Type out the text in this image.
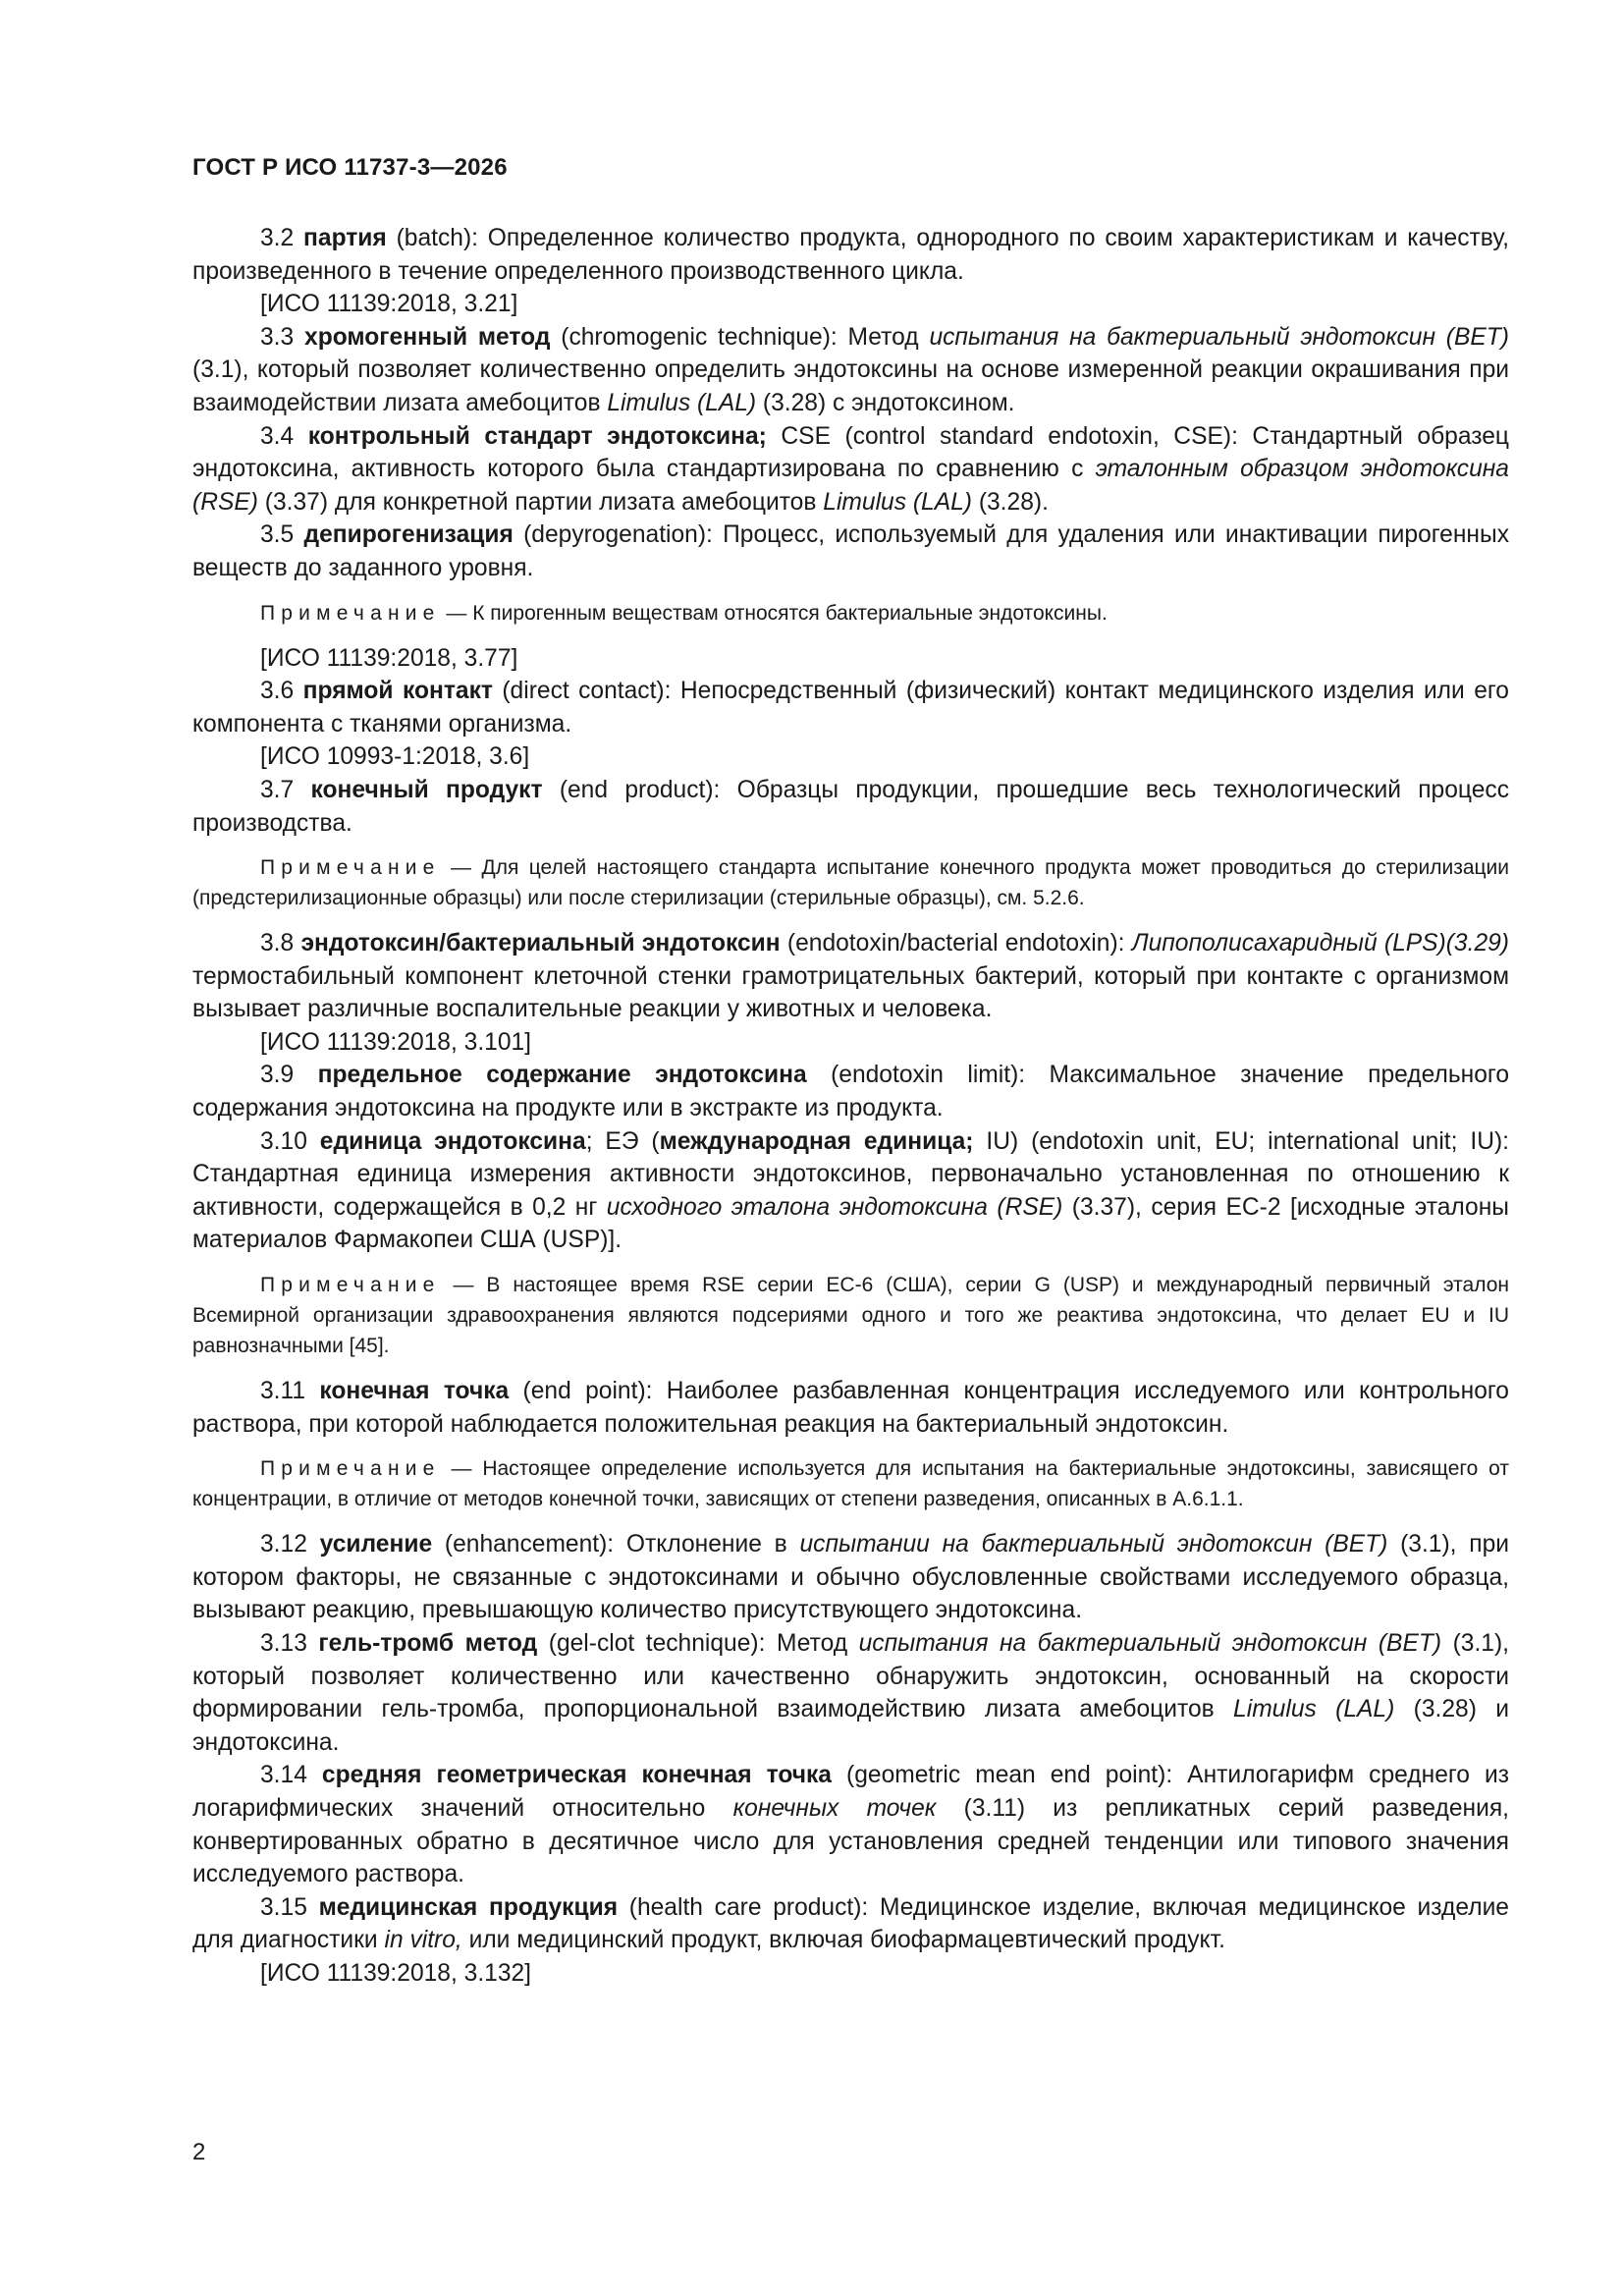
ГОСТ Р ИСО 11737-3—2026

3.2 партия (batch): Определенное количество продукта, однородного по своим характеристикам и качеству, произведенного в течение определенного производственного цикла.

[ИСО 11139:2018, 3.21]

3.3 хромогенный метод (chromogenic technique): Метод испытания на бактериальный эндотоксин (BET) (3.1), который позволяет количественно определить эндотоксины на основе измеренной реакции окрашивания при взаимодействии лизата амебоцитов Limulus (LAL) (3.28) с эндотоксином.

3.4 контрольный стандарт эндотоксина; CSE (control standard endotoxin, CSE): Стандартный образец эндотоксина, активность которого была стандартизирована по сравнению с эталонным образцом эндотоксина (RSE) (3.37) для конкретной партии лизата амебоцитов Limulus (LAL) (3.28).

3.5 депирогенизация (depyrogenation): Процесс, используемый для удаления или инактивации пирогенных веществ до заданного уровня.

Примечание — К пирогенным веществам относятся бактериальные эндотоксины.

[ИСО 11139:2018, 3.77]

3.6 прямой контакт (direct contact): Непосредственный (физический) контакт медицинского изделия или его компонента с тканями организма.

[ИСО 10993-1:2018, 3.6]

3.7 конечный продукт (end product): Образцы продукции, прошедшие весь технологический процесс производства.

Примечание — Для целей настоящего стандарта испытание конечного продукта может проводиться до стерилизации (предстерилизационные образцы) или после стерилизации (стерильные образцы), см. 5.2.6.

3.8 эндотоксин/бактериальный эндотоксин (endotoxin/bacterial endotoxin): Липополисахаридный (LPS)(3.29) термостабильный компонент клеточной стенки грамотрицательных бактерий, который при контакте с организмом вызывает различные воспалительные реакции у животных и человека.

[ИСО 11139:2018, 3.101]

3.9 предельное содержание эндотоксина (endotoxin limit): Максимальное значение предельного содержания эндотоксина на продукте или в экстракте из продукта.

3.10 единица эндотоксина; ЕЭ (международная единица; IU) (endotoxin unit, EU; international unit; IU): Стандартная единица измерения активности эндотоксинов, первоначально установленная по отношению к активности, содержащейся в 0,2 нг исходного эталона эндотоксина (RSE) (3.37), серия EC-2 [исходные эталоны материалов Фармакопеи США (USP)].

Примечание — В настоящее время RSE серии EC-6 (США), серии G (USP) и международный первичный эталон Всемирной организации здравоохранения являются подсериями одного и того же реактива эндотоксина, что делает EU и IU равнозначными [45].

3.11 конечная точка (end point): Наиболее разбавленная концентрация исследуемого или контрольного раствора, при которой наблюдается положительная реакция на бактериальный эндотоксин.

Примечание — Настоящее определение используется для испытания на бактериальные эндотоксины, зависящего от концентрации, в отличие от методов конечной точки, зависящих от степени разведения, описанных в А.6.1.1.

3.12 усиление (enhancement): Отклонение в испытании на бактериальный эндотоксин (BET) (3.1), при котором факторы, не связанные с эндотоксинами и обычно обусловленные свойствами исследуемого образца, вызывают реакцию, превышающую количество присутствующего эндотоксина.

3.13 гель-тромб метод (gel-clot technique): Метод испытания на бактериальный эндотоксин (BET) (3.1), который позволяет количественно или качественно обнаружить эндотоксин, основанный на скорости формировании гель-тромба, пропорциональной взаимодействию лизата амебоцитов Limulus (LAL) (3.28) и эндотоксина.

3.14 средняя геометрическая конечная точка (geometric mean end point): Антилогарифм среднего из логарифмических значений относительно конечных точек (3.11) из репликатных серий разведения, конвертированных обратно в десятичное число для установления средней тенденции или типового значения исследуемого раствора.

3.15 медицинская продукция (health care product): Медицинское изделие, включая медицинское изделие для диагностики in vitro, или медицинский продукт, включая биофармацевтический продукт.

[ИСО 11139:2018, 3.132]

2
